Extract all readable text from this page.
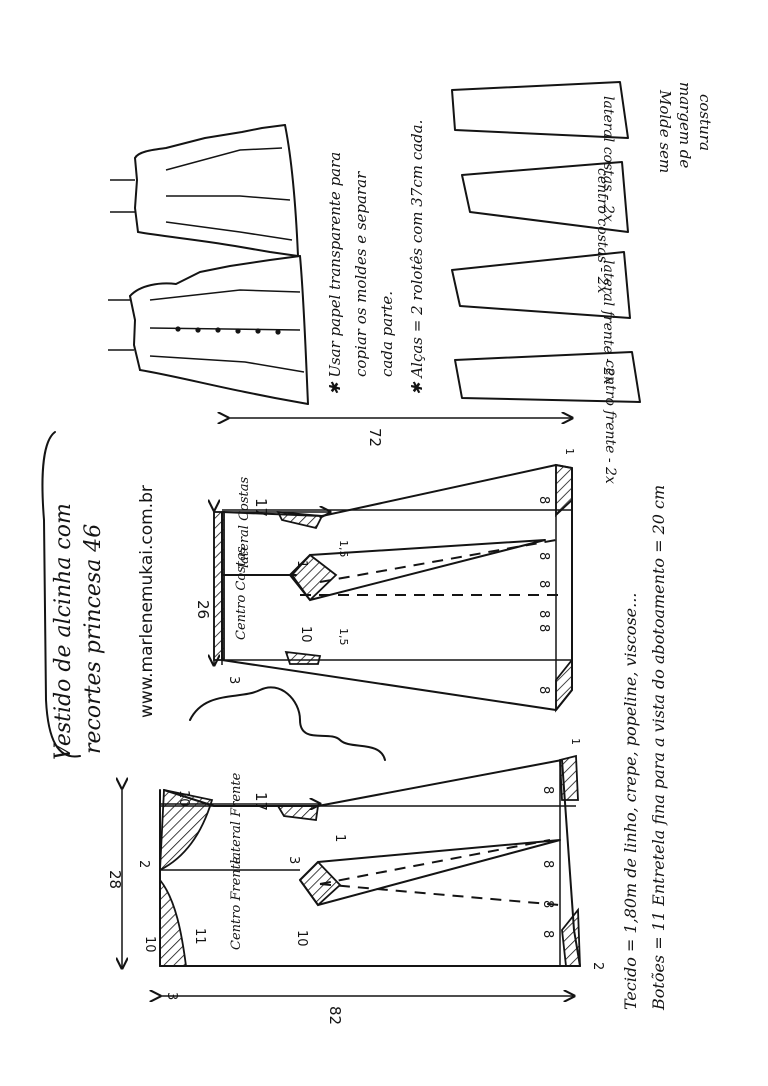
✱ Usar papel transparente para copiar os moldes e separar cada parte. ✱ Alças = 2 rolotês com 37cm cada.	lateral costas - 2x
centro costas - 2x
lateral frente - 2x
centro frente - 2x
Molde sem margem de costura
Vestido de alcinha com recortes princesa 46 www.marlenemukai.com.br
72
Centro Costas
lateral Costas
26
3
17
1
10
1,5
1,5
8
8
8
8
8
8
1
82
28	Centro Frente
lateral Frente
3
10	11
10
2
17
3
1
10
8
8
8
8
1
2 Tecido = 1,80m de linho, crepe, popeline, viscose... Botões = 11 Entretela fina para a vista do abotoamento = 20 cm
